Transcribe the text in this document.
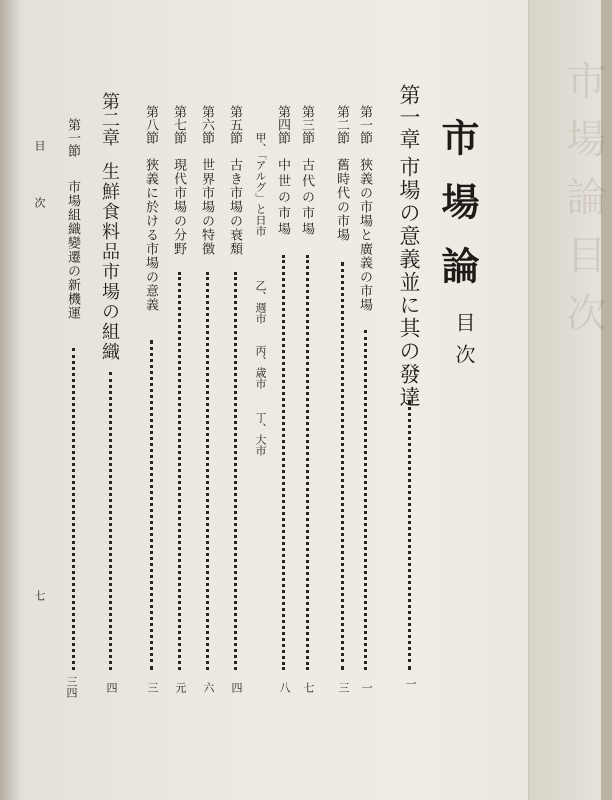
市場論目次
市場論
目次
第一章
市場の意義並に其の發達
一
第一節
狹義の市場と廣義の市場
一
第二節
舊時代の市場
三
第三節
古代の市場
七
第四節
中世の市場
八
甲、「アルグ」と日市
乙、週市
丙、歳市
丁、大市
第五節
古き市場の衰頽
四
第六節
世界市場の特徴
六
第七節
現代市場の分野
元
第八節
狹義に於ける市場の意義
三
第二章
生鮮食料品市場の組織
四
第一節
市場組織變遷の新機運
三四
目
次
七
